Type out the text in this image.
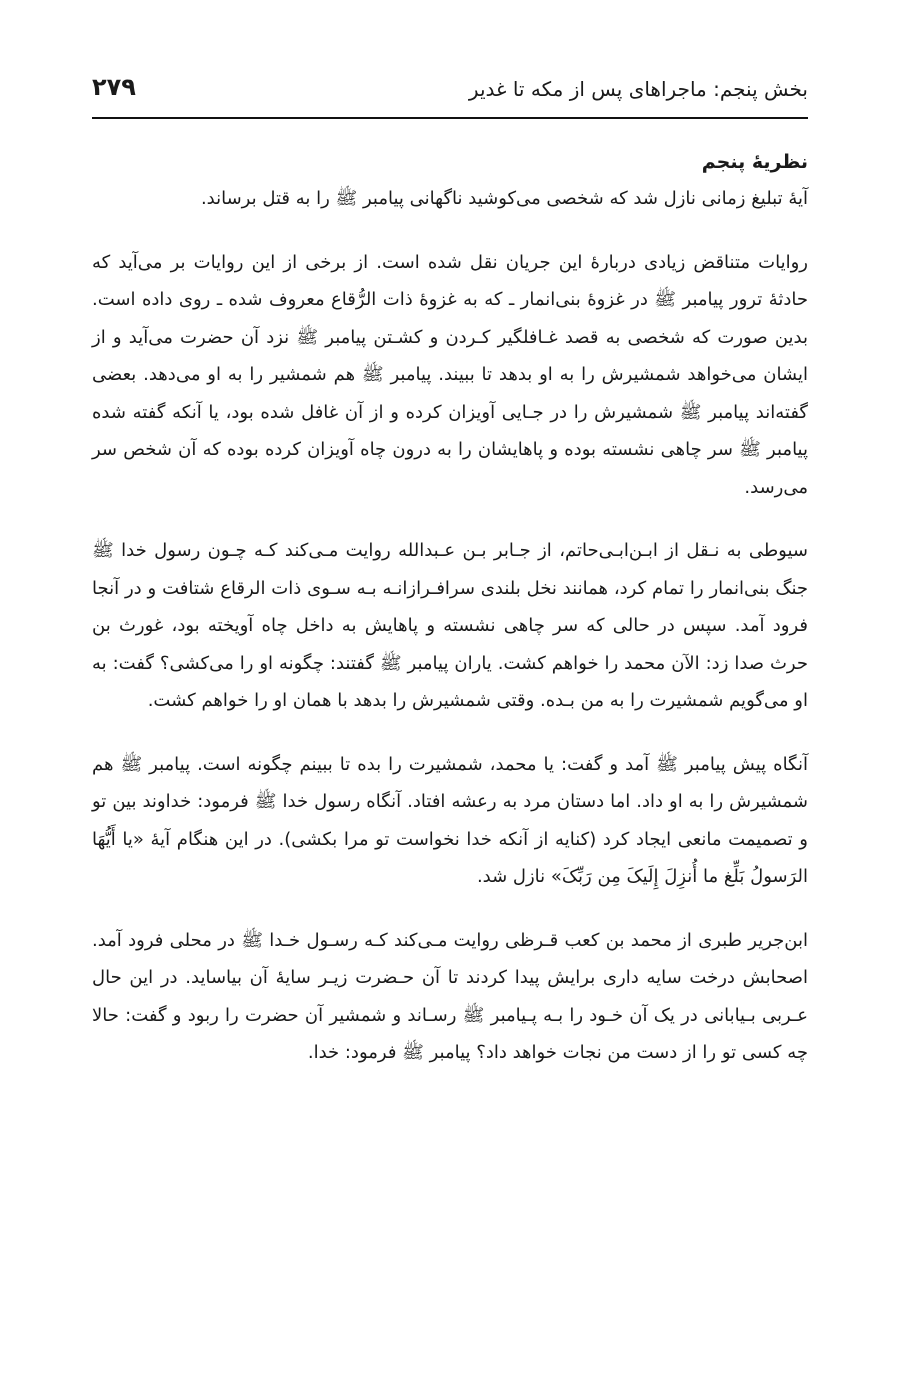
بخش پنجم: ماجراهای پس از مکه تا غدیر
۲۷۹
نظریهٔ پنجم

آیهٔ تبلیغ زمانی نازل شد که شخصی می‌کوشید ناگهانی پیامبر ﷺ را به قتل برساند.

روایات متناقض زیادی دربارهٔ این جریان نقل شده است. از برخی از این روایات بر می‌آید که حادثهٔ ترور پیامبر ﷺ در غزوهٔ بنی‌انمار ـ که به غزوهٔ ذات الرُّقاع معروف شده ـ روی داده است. بدین صورت که شخصی به قصد غـافلگیر کـردن و کشـتن پیامبر ﷺ نزد آن حضرت می‌آید و از ایشان می‌خواهد شمشیرش را به او بدهد تا ببیند. پیامبر ﷺ هم شمشیر را به او می‌دهد. بعضی گفته‌اند پیامبر ﷺ شمشیرش را در جـایی آویزان کرده و از آن غافل شده بود، یا آنکه گفته شده پیامبر ﷺ سر چاهی نشسته بوده و پاهایشان را به درون چاه آویزان کرده بوده که آن شخص سر می‌رسد.

سیوطی به نـقل از ابـن‌ابـی‌حاتم، از جـابر بـن عـبدالله روایت مـی‌کند کـه چـون رسول خدا ﷺ جنگ بنی‌انمار را تمام کرد، همانند نخل بلندی سرافـرازانـه بـه سـوی ذات الرقاع شتافت و در آنجا فرود آمد. سپس در حالی که سر چاهی نشسته و پاهایش به داخل چاه آویخته بود، غورث بن حرث صدا زد: الآن محمد را خواهم کشت. یاران پیامبر ﷺ گفتند: چگونه او را می‌کشی؟ گفت: به او می‌گویم شمشیرت را به من بـده. وقتی شمشیرش را بدهد با همان او را خواهم کشت.

آنگاه پیش پیامبر ﷺ آمد و گفت: یا محمد، شمشیرت را بده تا ببینم چگونه است. پیامبر ﷺ هم شمشیرش را به او داد. اما دستان مرد به رعشه افتاد. آنگاه رسول خدا ﷺ فرمود: خداوند بین تو و تصمیمت مانعی ایجاد کرد (کنایه از آنکه خدا نخواست تو مرا بکشی). در این هنگام آیهٔ «یا أَیُّهَا الرَسولُ بَلِّغ ما أُنزِلَ إِلَیکَ مِن رَبِّکَ» نازل شد.

ابن‌جریر طبری از محمد بن کعب قـرظی روایت مـی‌کند کـه رسـول خـدا ﷺ در محلی فرود آمد. اصحابش درخت سایه داری برایش پیدا کردند تا آن حـضرت زیـر سایهٔ آن بیاساید. در این حال عـربی بـیابانی در یک آن خـود را بـه پـیامبر ﷺ رسـاند و شمشیر آن حضرت را ربود و گفت: حالا چه کسی تو را از دست من نجات خواهد داد؟ پیامبر ﷺ فرمود: خدا.
